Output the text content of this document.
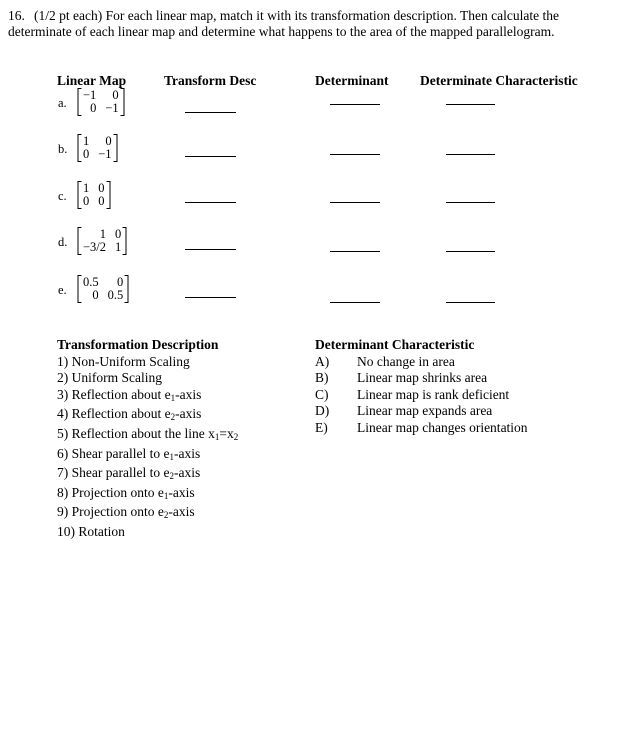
16. (1/2 pt each) For each linear map, match it with its transformation description. Then calculate the determinate of each linear map and determine what happens to the area of the mapped parallelogram.
Linear Map	Transform Desc	Determinant Determinate Characteristic
a.
−1	0
0 −1
b.
1	0
0 −1
c.
1 0
0 0
d.
1 0
−3/2 1
e.
0.5	0
0 0.5
Transformation Description
1) Non-Uniform Scaling
2) Uniform Scaling
3) Reflection about $e_1$-axis
4) Reflection about $e_2$-axis
5) Reflection about the line $x_1=x_2$
6) Shear parallel to $e_1$-axis
7) Shear parallel to $e_2$-axis
8) Projection onto $e_1$-axis
9) Projection onto $e_2$-axis
10) Rotation
Determinant Characteristic
A)	No change in area
B)	Linear map shrinks area
C)	Linear map is rank deficient
D)	Linear map expands area
E)	Linear map changes orientation
